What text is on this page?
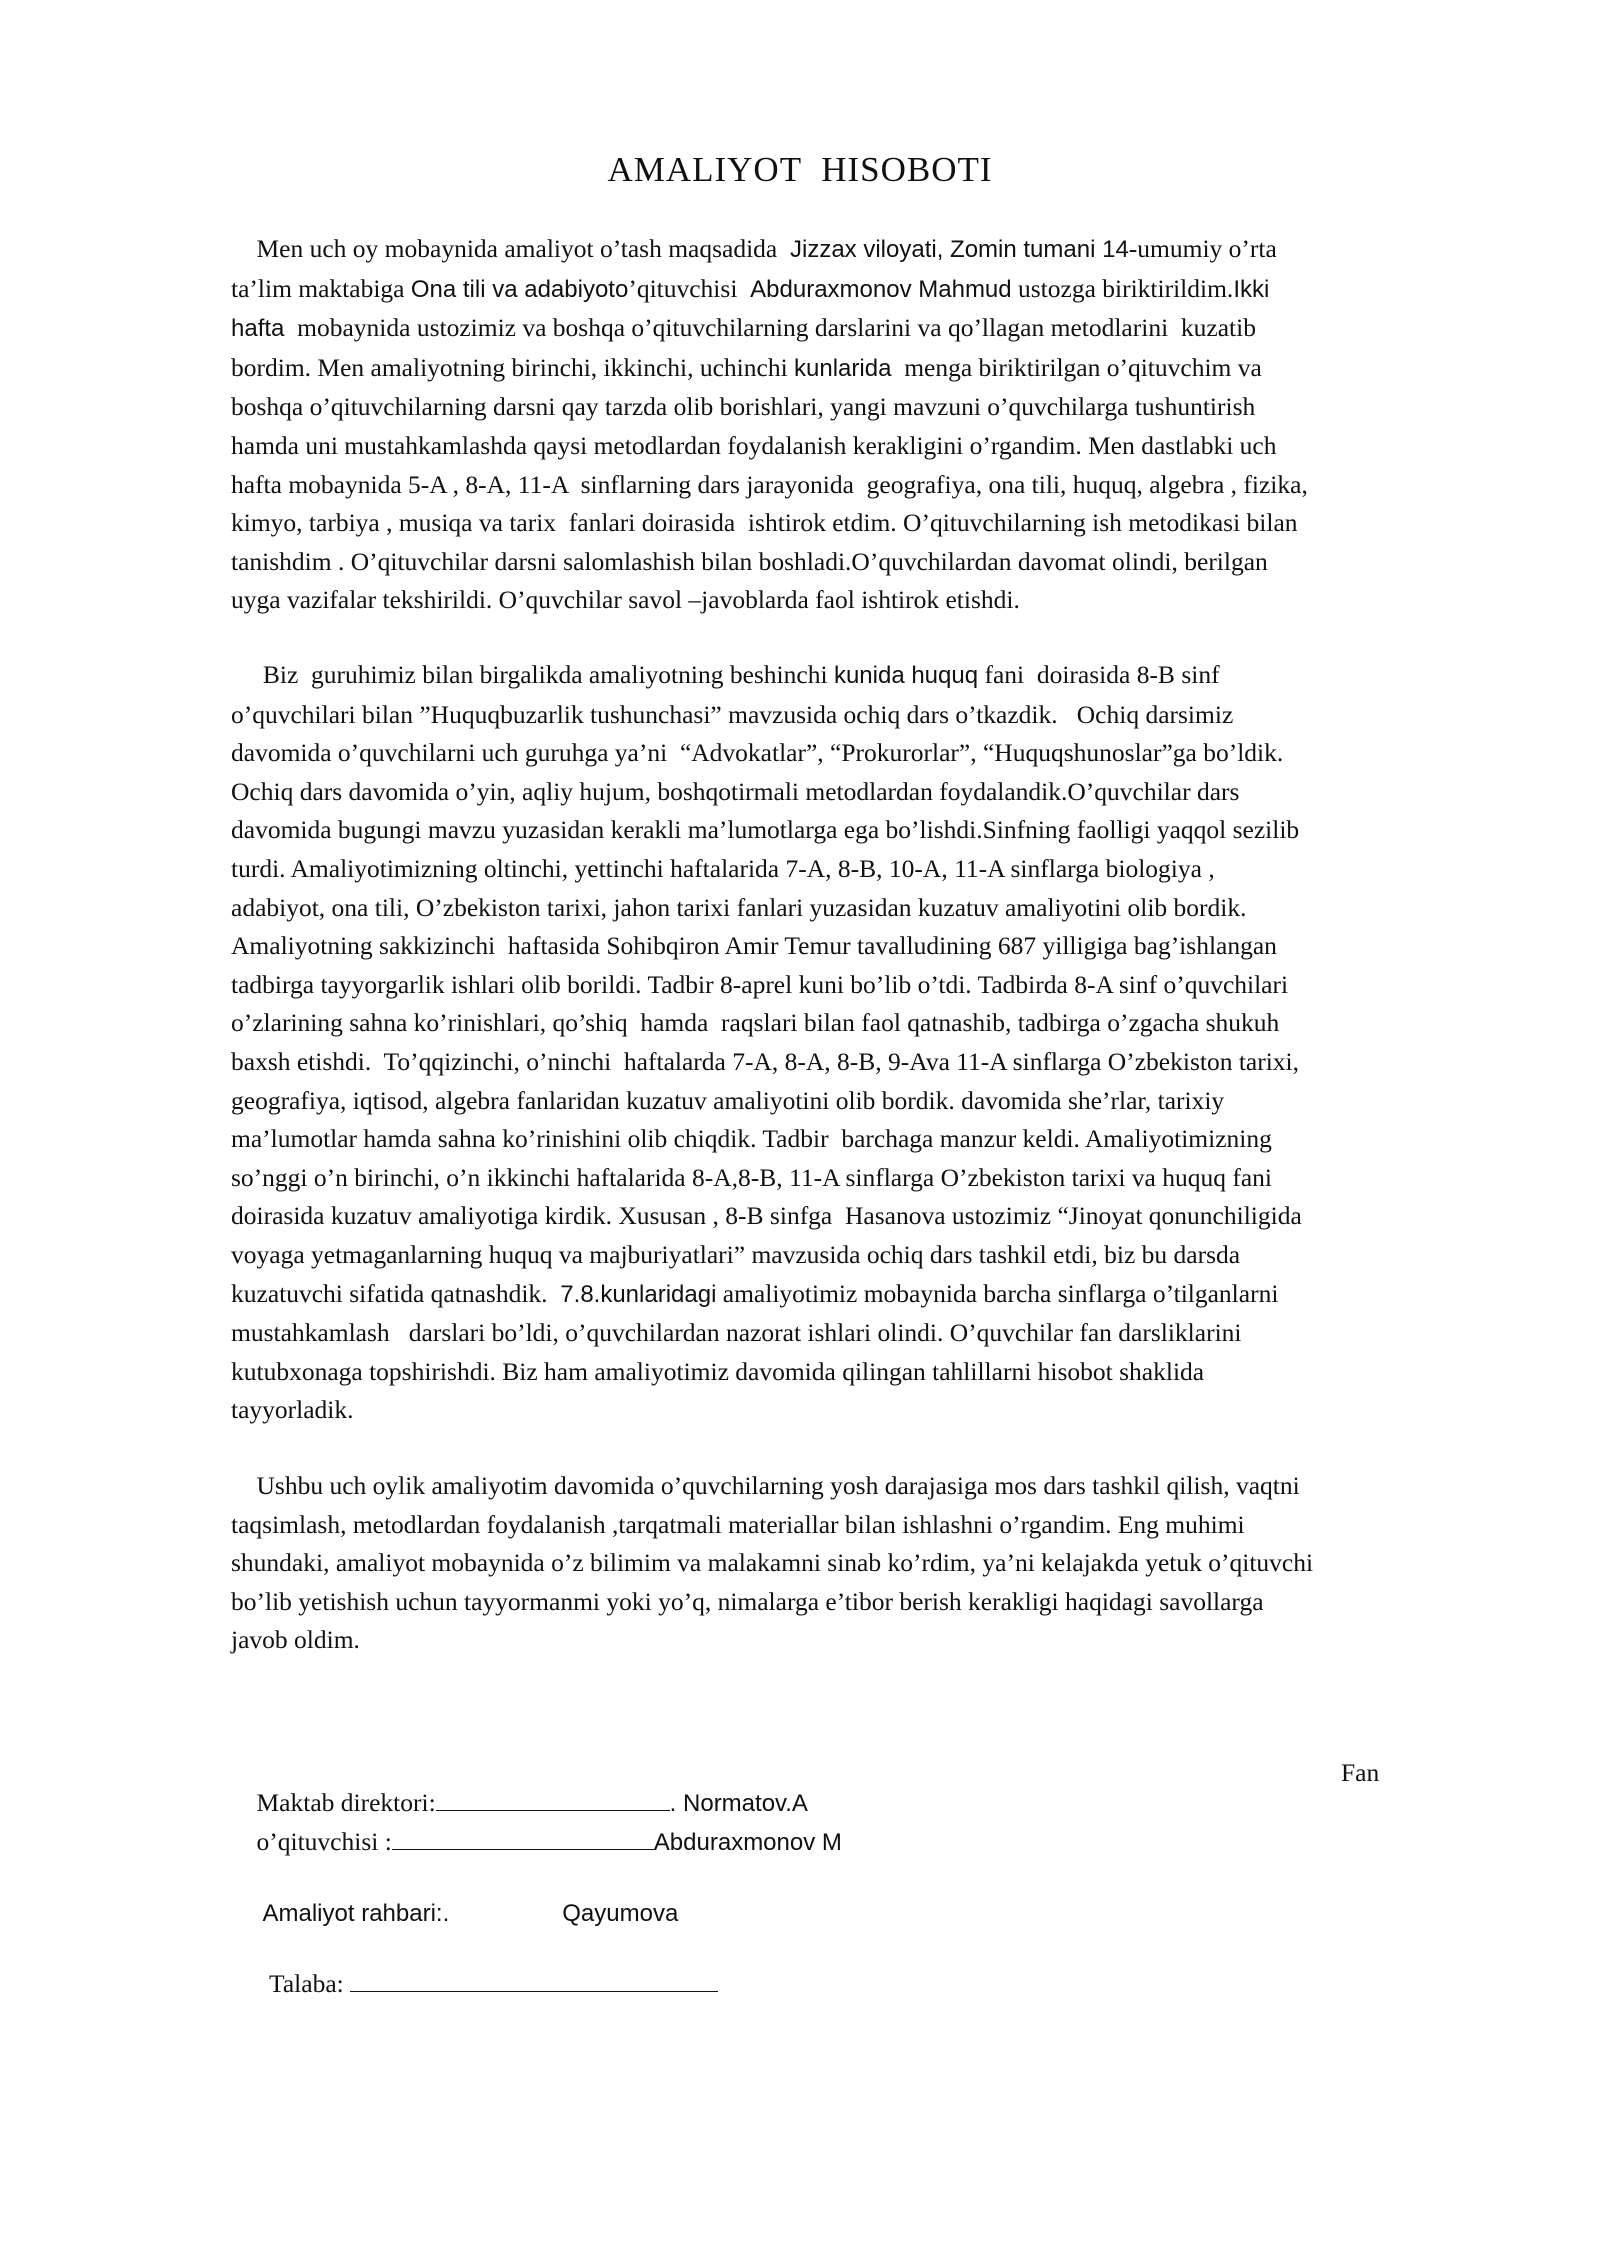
AMALIYOT HISOBOTI
Men uch oy mobaynida amaliyot o’tash maqsadida  Jizzax viloyati, Zomin tumani 14-umumiy o’rta
ta’lim maktabiga Ona tili va adabiyoto’qituvchisi  Abduraxmonov Mahmud ustozga biriktirildim.Ikki
hafta  mobaynida ustozimiz va boshqa o’qituvchilarning darslarini va qo’llagan metodlarini  kuzatib
bordim. Men amaliyotning birinchi, ikkinchi, uchinchi kunlarida  menga biriktirilgan o’qituvchim va
boshqa o’qituvchilarning darsni qay tarzda olib borishlari, yangi mavzuni o’quvchilarga tushuntirish
hamda uni mustahkamlashda qaysi metodlardan foydalanish kerakligini o’rgandim. Men dastlabki uch
hafta mobaynida 5-A , 8-A, 11-A  sinflarning dars jarayonida  geografiya, ona tili, huquq, algebra , fizika,
kimyo, tarbiya , musiqa va tarix  fanlari doirasida  ishtirok etdim. O’qituvchilarning ish metodikasi bilan
tanishdim . O’qituvchilar darsni salomlashish bilan boshladi.O’quvchilardan davomat olindi, berilgan
uyga vazifalar tekshirildi. O’quvchilar savol –javoblarda faol ishtirok etishdi.
Biz  guruhimiz bilan birgalikda amaliyotning beshinchi kunida huquq fani  doirasida 8-B sinf
o’quvchilari bilan ”Huquqbuzarlik tushunchasi” mavzusida ochiq dars o’tkazdik.   Ochiq darsimiz
davomida o’quvchilarni uch guruhga ya’ni  “Advokatlar”, “Prokurorlar”, “Huquqshunoslar”ga bo’ldik.
Ochiq dars davomida o’yin, aqliy hujum, boshqotirmali metodlardan foydalandik.O’quvchilar dars
davomida bugungi mavzu yuzasidan kerakli ma’lumotlarga ega bo’lishdi.Sinfning faolligi yaqqol sezilib
turdi. Amaliyotimizning oltinchi, yettinchi haftalarida 7-A, 8-B, 10-A, 11-A sinflarga biologiya ,
adabiyot, ona tili, O’zbekiston tarixi, jahon tarixi fanlari yuzasidan kuzatuv amaliyotini olib bordik.
Amaliyotning sakkizinchi  haftasida Sohibqiron Amir Temur tavalludining 687 yilligiga bag’ishlangan
tadbirga tayyorgarlik ishlari olib borildi. Tadbir 8-aprel kuni bo’lib o’tdi. Tadbirda 8-A sinf o’quvchilari
o’zlarining sahna ko’rinishlari, qo’shiq  hamda  raqslari bilan faol qatnashib, tadbirga o’zgacha shukuh
baxsh etishdi.  To’qqizinchi, o’ninchi  haftalarda 7-A, 8-A, 8-B, 9-Ava 11-A sinflarga O’zbekiston tarixi,
geografiya, iqtisod, algebra fanlaridan kuzatuv amaliyotini olib bordik. davomida she’rlar, tarixiy
ma’lumotlar hamda sahna ko’rinishini olib chiqdik. Tadbir  barchaga manzur keldi. Amaliyotimizning
so’nggi o’n birinchi, o’n ikkinchi haftalarida 8-A,8-B, 11-A sinflarga O’zbekiston tarixi va huquq fani
doirasida kuzatuv amaliyotiga kirdik. Xususan , 8-B sinfga  Hasanova ustozimiz “Jinoyat qonunchiligida
voyaga yetmaganlarning huquq va majburiyatlari” mavzusida ochiq dars tashkil etdi, biz bu darsda
kuzatuvchi sifatida qatnashdik.  7.8.kunlaridagi amaliyotimiz mobaynida barcha sinflarga o’tilganlarni
mustahkamlash   darslari bo’ldi, o’quvchilardan nazorat ishlari olindi. O’quvchilar fan darsliklarini
kutubxonaga topshirishdi. Biz ham amaliyotimiz davomida qilingan tahlillarni hisobot shaklida
tayyorladik.
Ushbu uch oylik amaliyotim davomida o’quvchilarning yosh darajasiga mos dars tashkil qilish, vaqtni
taqsimlash, metodlardan foydalanish ,tarqatmali materiallar bilan ishlashni o’rgandim. Eng muhimi
shundaki, amaliyot mobaynida o’z bilimim va malakamni sinab ko’rdim, ya’ni kelajakda yetuk o’qituvchi
bo’lib yetishish uchun tayyormanmi yoki yo’q, nimalarga e’tibor berish kerakligi haqidagi savollarga
javob oldim.

Maktab direktori:	. Normatov.A

Fan

o’qituvchisi :	Abduraxmonov M

Amaliyot rahbari:.	Qayumova

Talaba:
